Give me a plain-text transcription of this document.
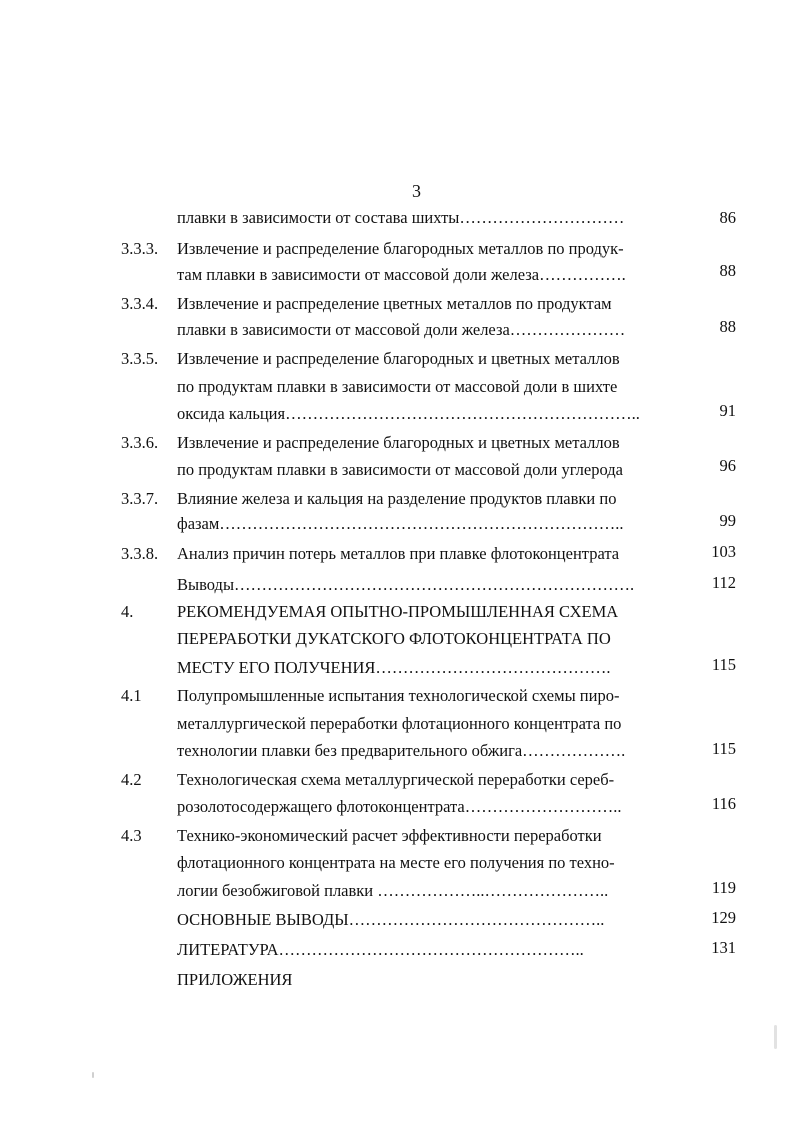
3
плавки в зависимости от состава шихты…………………………	86
3.3.3. Извлечение и распределение благородных металлов по продук-
там плавки в зависимости от массовой доли железа…………….	88
3.3.4. Извлечение и распределение цветных металлов по продуктам
плавки в зависимости от массовой доли железа…………………	88
3.3.5. Извлечение и распределение благородных и цветных металлов
по продуктам плавки в зависимости от массовой доли в шихте
оксида кальция………………………………………………………..	91
3.3.6. Извлечение и распределение благородных и цветных металлов
по продуктам плавки в зависимости от массовой доли углерода	96
3.3.7. Влияние железа и кальция на разделение продуктов плавки по
фазам………………………………………………………………..	99
3.3.8. Анализ причин потерь металлов при плавке флотоконцентрата	103
Выводы……………………………………………………………….	112
4.	РЕКОМЕНДУЕМАЯ ОПЫТНО-ПРОМЫШЛЕННАЯ СХЕМА
ПЕРЕРАБОТКИ ДУКАТСКОГО ФЛОТОКОНЦЕНТРАТА ПО
МЕСТУ ЕГО ПОЛУЧЕНИЯ…………………………………….	115
4.1 Полупромышленные испытания технологической схемы пиро-
металлургической переработки флотационного концентрата по
технологии плавки без предварительного обжига……………….	115
4.2 Технологическая схема металлургической переработки сереб-
розолотосодержащего флотоконцентрата………………………..	116
4.3 Технико-экономический расчет эффективности переработки
флотационного концентрата на месте его получения по техно-
логии безобжиговой плавки ………………..…………………..	119
ОСНОВНЫЕ ВЫВОДЫ………………………………………..	129
ЛИТЕРАТУРА………………………………………………..	131
ПРИЛОЖЕНИЯ
